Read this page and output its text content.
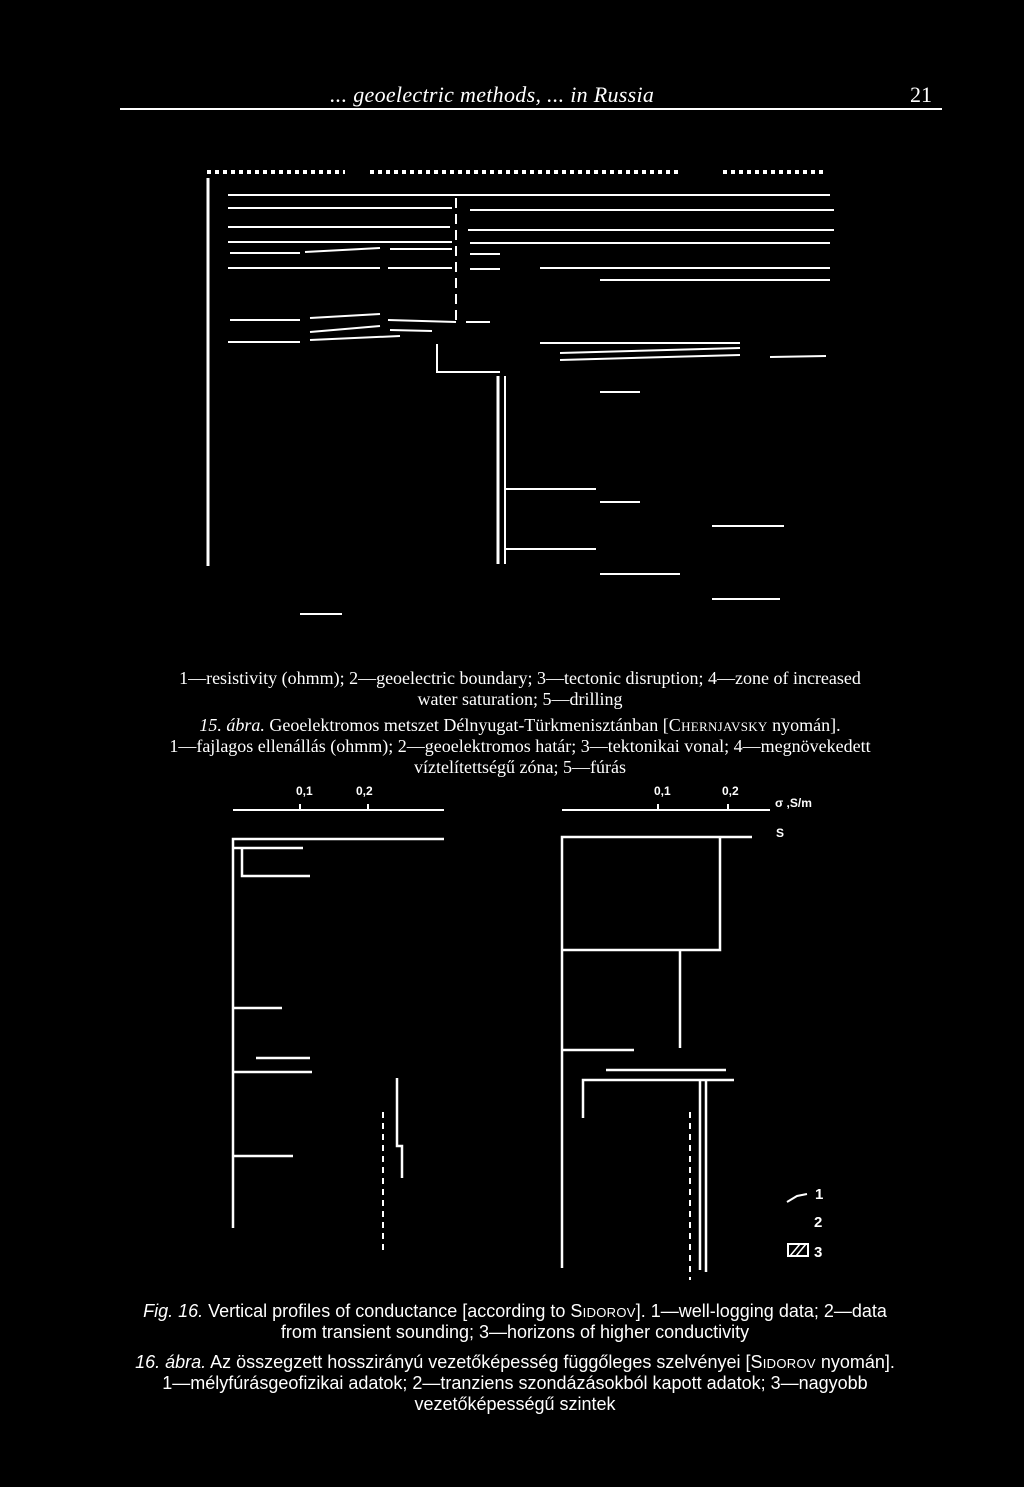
... geoelectric methods, ... in Russia	21
1—resistivity (ohmm); 2—geoelectric boundary; 3—tectonic disruption; 4—zone of increased
water saturation; 5—drilling
15. ábra. Geoelektromos metszet Délnyugat-Türkmenisztánban [Chernjavsky nyomán].
1—fajlagos ellenállás (ohmm); 2—geoelektromos határ; 3—tektonikai vonal; 4—megnövekedett
víztelítettségű zóna; 5—fúrás
0,1	0,2	0,1	0,2
σ ,S/m
S
1
2
3
Fig. 16. Vertical profiles of conductance [according to Sidorov]. 1—well-logging data; 2—data
from transient sounding; 3—horizons of higher conductivity
16. ábra. Az összegzett hosszirányú vezetőképesség függőleges szelvényei [Sidorov nyomán].
1—mélyfúrásgeofizikai adatok; 2—tranziens szondázásokból kapott adatok; 3—nagyobb
vezetőképességű szintek
